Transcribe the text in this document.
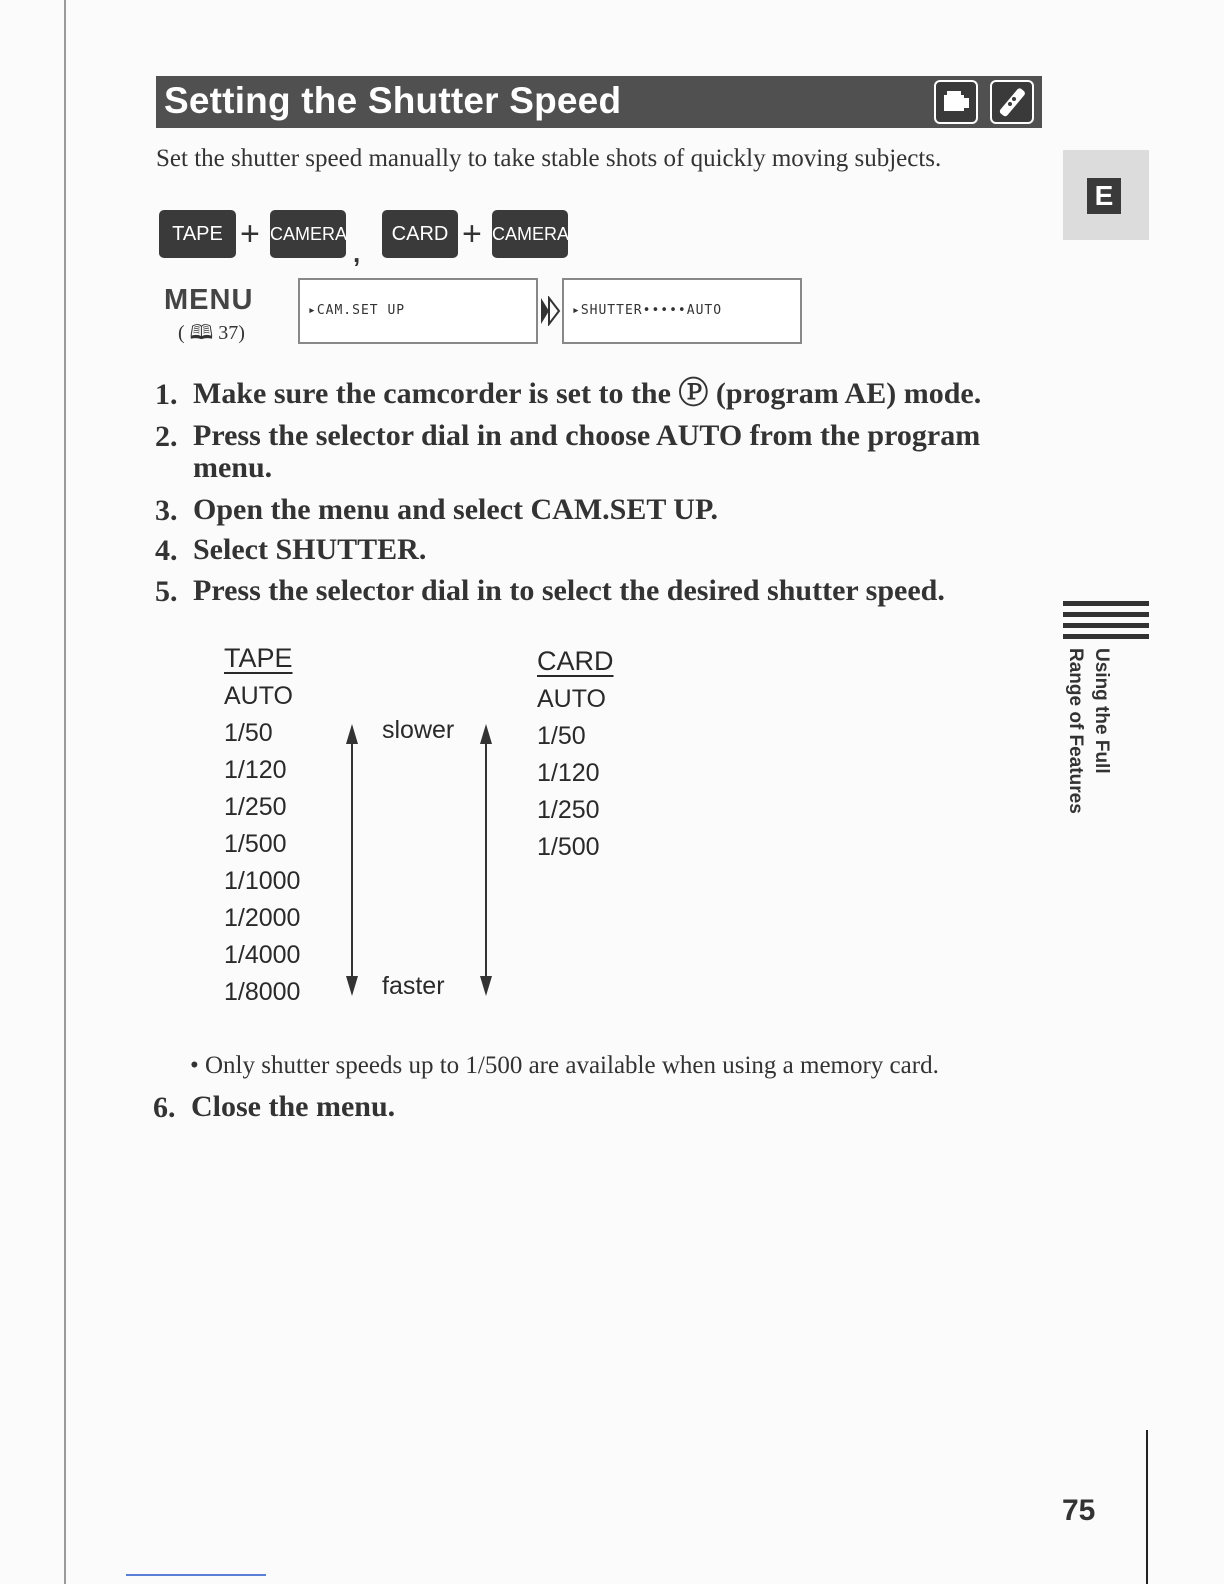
Setting the Shutter Speed
Set the shutter speed manually to take stable shots of quickly moving subjects.
E
TAPE + CAMERA
,
CARD + CAMERA
MENU
( 🕮 37)
▸CAM.SET UP	▸SHUTTER•••••AUTO
1. Make sure the camcorder is set to the Ⓟ (program AE) mode.
2. Press the selector dial in and choose AUTO from the program menu.
3. Open the menu and select CAM.SET UP.
4. Select SHUTTER.
5. Press the selector dial in to select the desired shutter speed.
TAPE
AUTO
1/50
1/120
1/250
1/500
1/1000
1/2000
1/4000
1/8000
slower
faster
CARD
AUTO
1/50
1/120
1/250
1/500
• Only shutter speeds up to 1/500 are available when using a memory card.
6. Close the menu.
Using the Full
Range of Features
75
